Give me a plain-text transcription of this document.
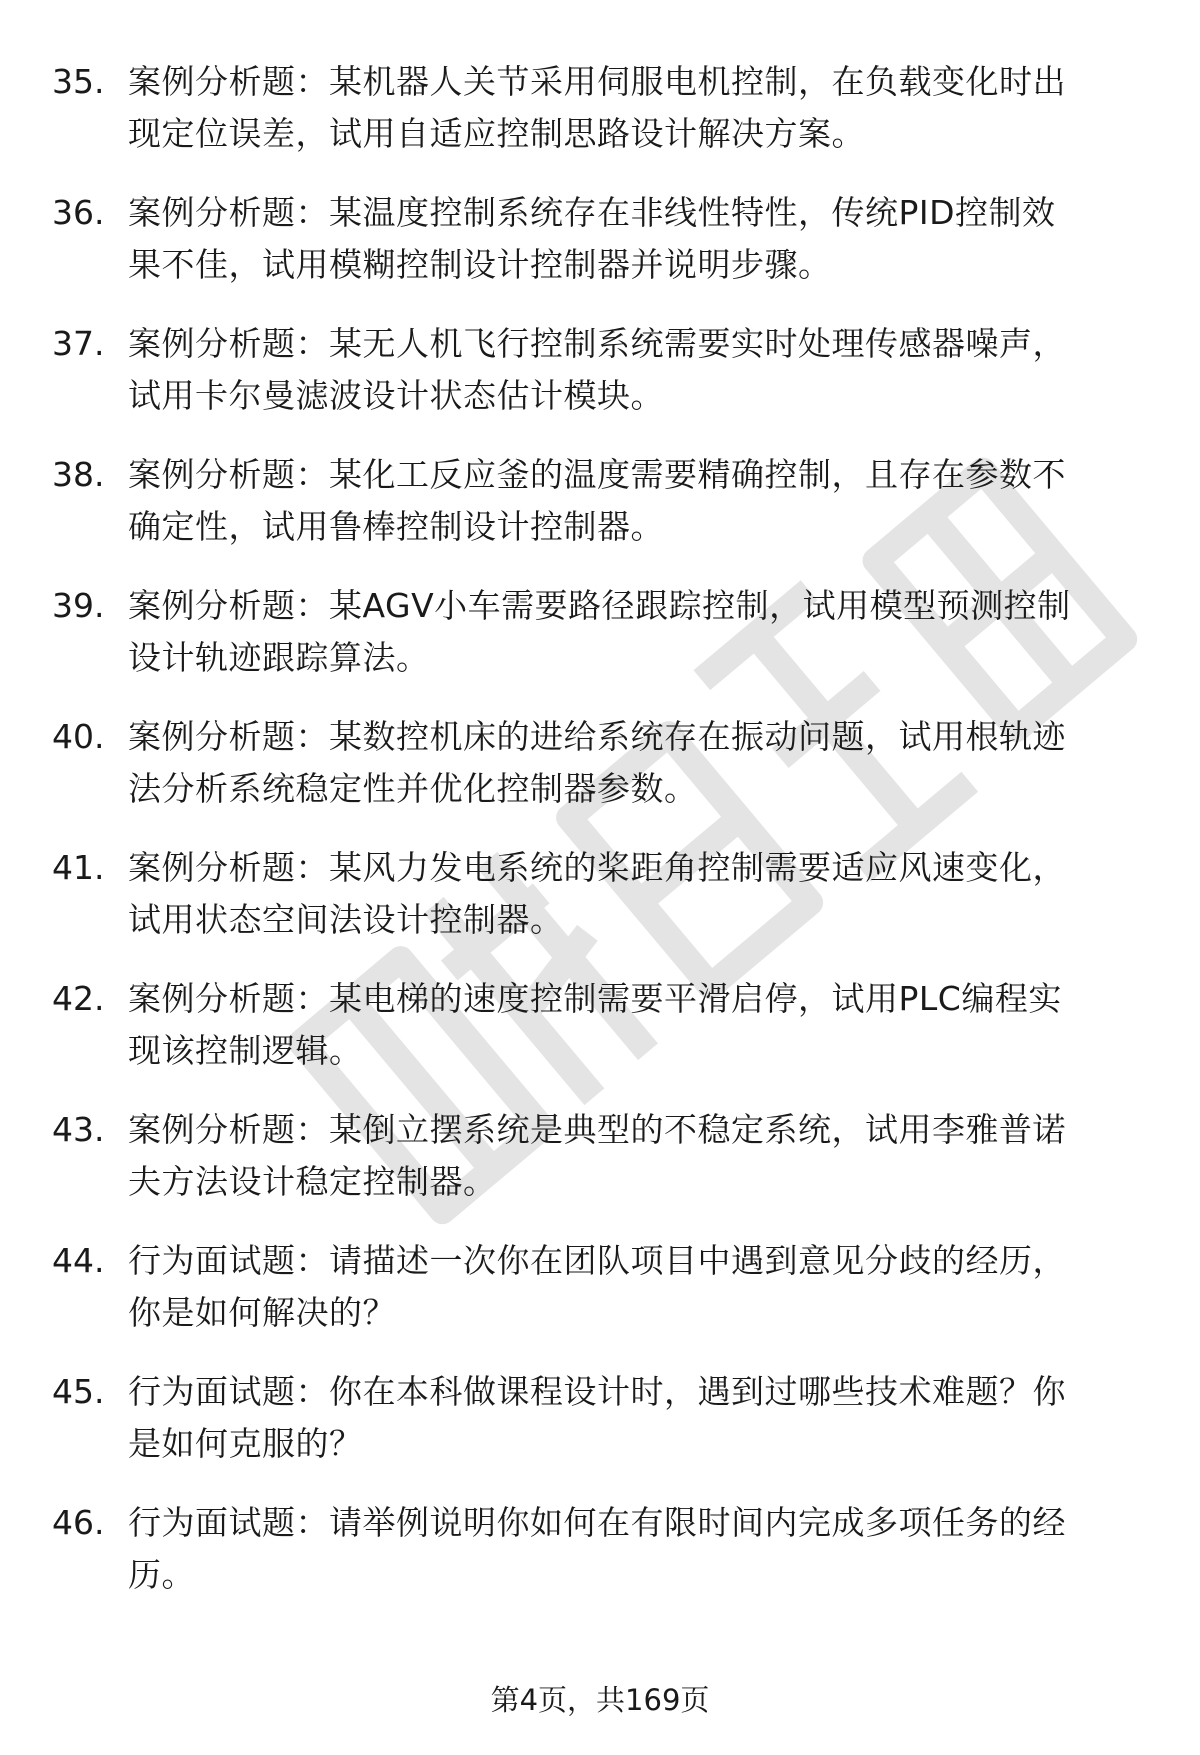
35. 案例分析题：某机器人关节采用伺服电机控制，在负载变化时出
现定位误差，试用自适应控制思路设计解决方案。
36. 案例分析题：某温度控制系统存在非线性特性，传统PID控制效
果不佳，试用模糊控制设计控制器并说明步骤。
37. 案例分析题：某无人机飞行控制系统需要实时处理传感器噪声，
试用卡尔曼滤波设计状态估计模块。
38. 案例分析题：某化工反应釜的温度需要精确控制，且存在参数不
确定性，试用鲁棒控制设计控制器。
39. 案例分析题：某AGV小车需要路径跟踪控制，试用模型预测控制
设计轨迹跟踪算法。
40. 案例分析题：某数控机床的进给系统存在振动问题，试用根轨迹
法分析系统稳定性并优化控制器参数。
41. 案例分析题：某风力发电系统的桨距角控制需要适应风速变化，
试用状态空间法设计控制器。
42. 案例分析题：某电梯的速度控制需要平滑启停，试用PLC编程实
现该控制逻辑。
43. 案例分析题：某倒立摆系统是典型的不稳定系统，试用李雅普诺
夫方法设计稳定控制器。
44. 行为面试题：请描述一次你在团队项目中遇到意见分歧的经历，
你是如何解决的？
45. 行为面试题：你在本科做课程设计时，遇到过哪些技术难题？你
是如何克服的？
46. 行为面试题：请举例说明你如何在有限时间内完成多项任务的经
历。
第4页，共169页
